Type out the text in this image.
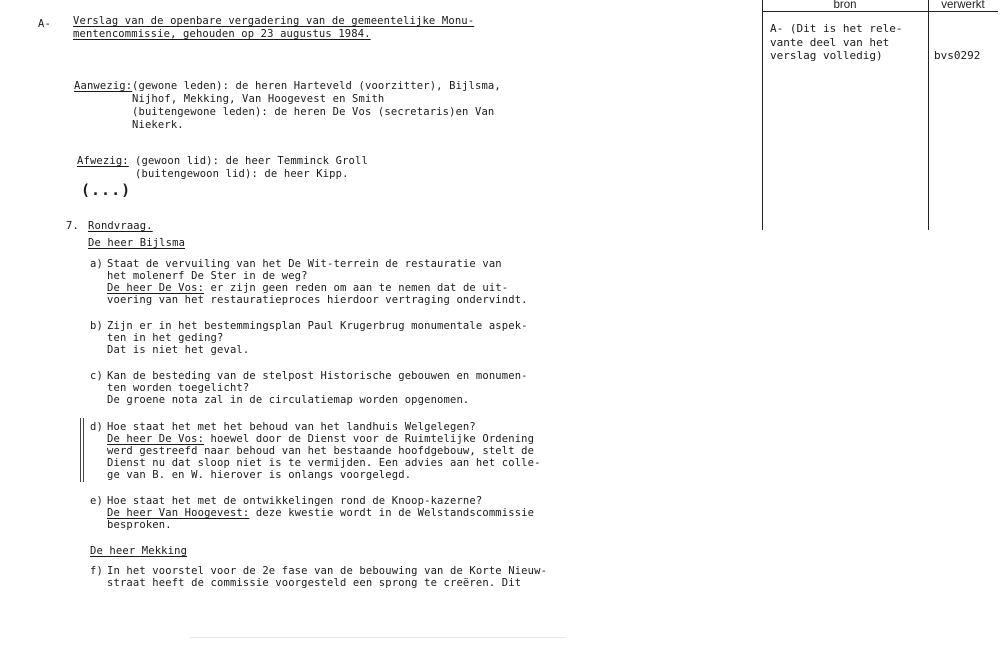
bron	verwerkt
A- (Dit is het rele-
vante deel van het
verslag volledig)	bvs0292
A- Verslag van de openbare vergadering van de gemeentelijke Monu-
mentencommissie, gehouden op 23 augustus 1984.
Aanwezig: (gewone leden): de heren Harteveld (voorzitter), Bijlsma,
Nijhof, Mekking, Van Hoogevest en Smith
(buitengewone leden): de heren De Vos (secretaris)en Van
Niekerk.
Afwezig: (gewoon lid): de heer Temminck Groll
(buitengewoon lid): de heer Kipp.
(...)
7. Rondvraag.
De heer Bijlsma
a) Staat de vervuiling van het De Wit-terrein de restauratie van
het molenerf De Ster in de weg?
De heer De Vos: er zijn geen reden om aan te nemen dat de uit-
voering van het restauratieproces hierdoor vertraging ondervindt.
b) Zijn er in het bestemmingsplan Paul Krugerbrug monumentale aspek-
ten in het geding?
Dat is niet het geval.
c) Kan de besteding van de stelpost Historische gebouwen en monumen-
ten worden toegelicht?
De groene nota zal in de circulatiemap worden opgenomen.
d) Hoe staat het met het behoud van het landhuis Welgelegen?
De heer De Vos: hoewel door de Dienst voor de Ruimtelijke Ordening
werd gestreefd naar behoud van het bestaande hoofdgebouw, stelt de
Dienst nu dat sloop niet is te vermijden. Een advies aan het colle-
ge van B. en W. hierover is onlangs voorgelegd.
e) Hoe staat het met de ontwikkelingen rond de Knoop-kazerne?
De heer Van Hoogevest: deze kwestie wordt in de Welstandscommissie
besproken.
De heer Mekking
f) In het voorstel voor de 2e fase van de bebouwing van de Korte Nieuw-
straat heeft de commissie voorgesteld een sprong te creëren. Dit
